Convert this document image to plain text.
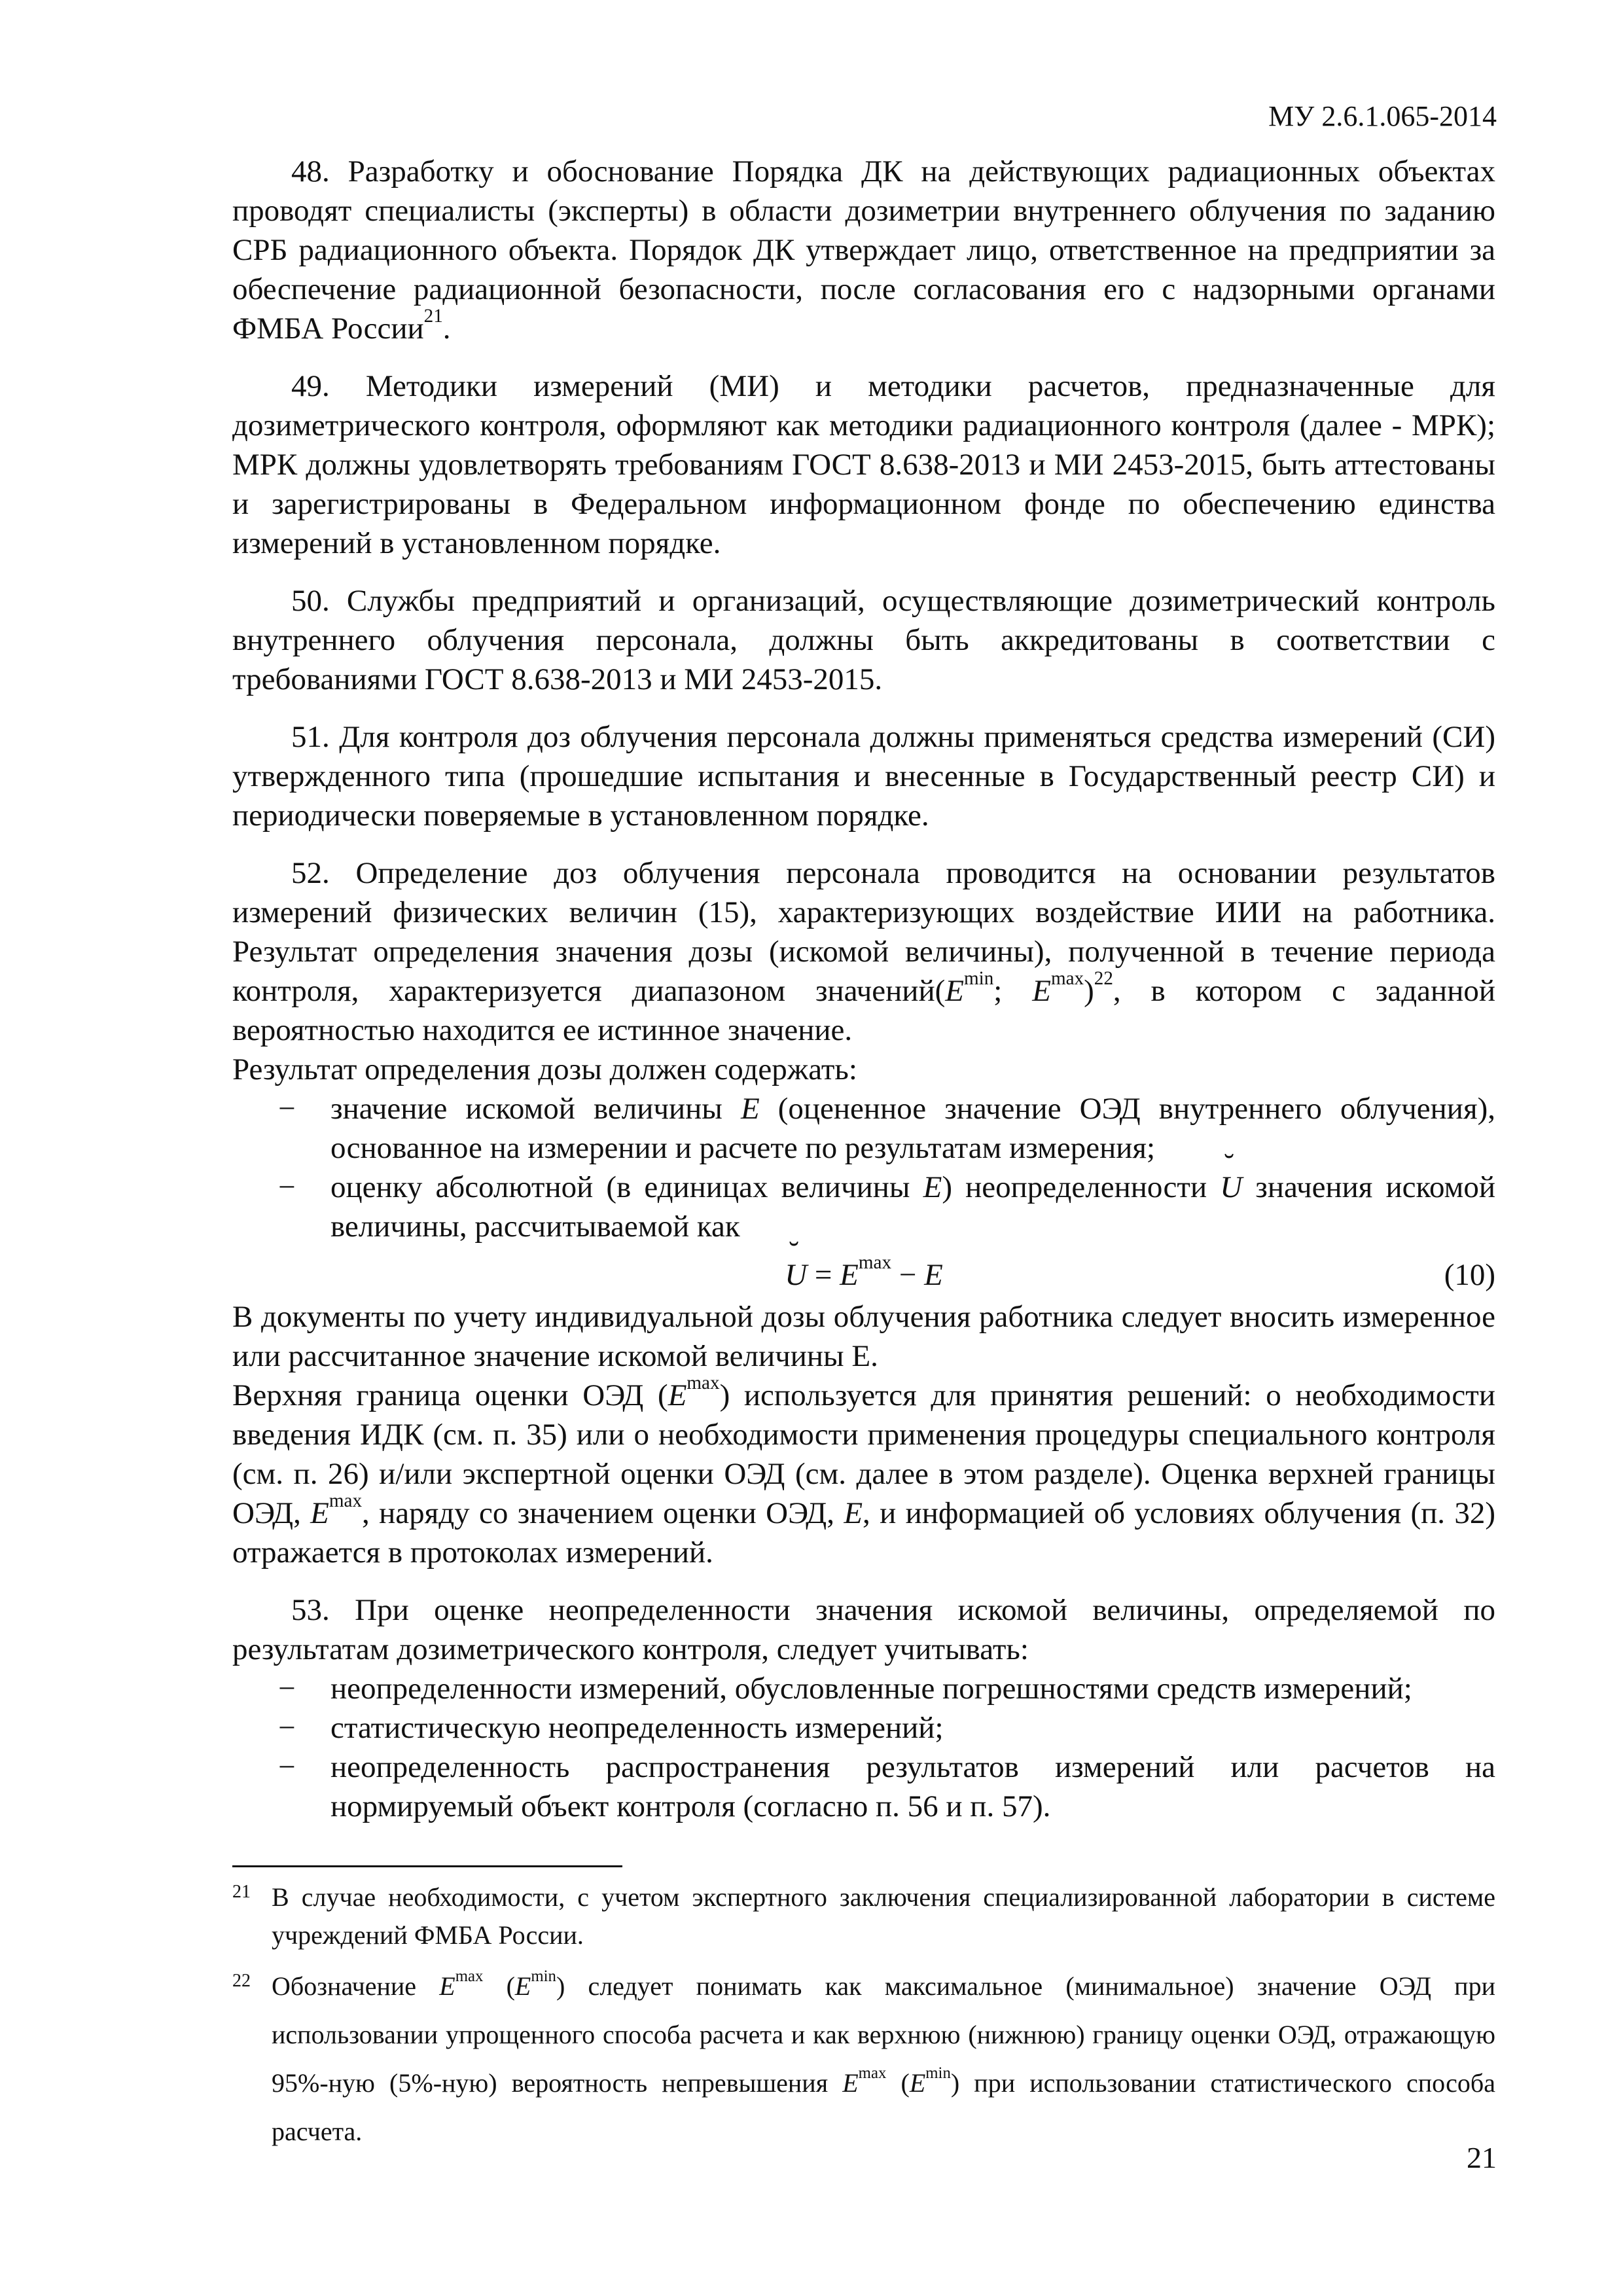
МУ 2.6.1.065-2014

48. Разработку и обоснование Порядка ДК на действующих радиационных объектах проводят специалисты (эксперты) в области дозиметрии внутреннего облучения по заданию СРБ радиационного объекта. Порядок ДК утверждает лицо, ответственное на предприятии за обеспечение радиационной безопасности, после согласования его с надзорными органами ФМБА России$^{21}$.

49. Методики измерений (МИ) и методики расчетов, предназначенные для дозиметрического контроля, оформляют как методики радиационного контроля (далее - МРК); МРК должны удовлетворять требованиям ГОСТ 8.638-2013 и МИ 2453-2015, быть аттестованы и зарегистрированы в Федеральном информационном фонде по обеспечению единства измерений в установленном порядке.

50. Службы предприятий и организаций, осуществляющие дозиметрический контроль внутреннего облучения персонала, должны быть аккредитованы в соответствии с требованиями ГОСТ 8.638-2013 и МИ 2453-2015.

51. Для контроля доз облучения персонала должны применяться средства измерений (СИ) утвержденного типа (прошедшие испытания и внесенные в Государственный реестр СИ) и периодически поверяемые в установленном порядке.

52. Определение доз облучения персонала проводится на основании результатов измерений физических величин (15), характеризующих воздействие ИИИ на работника. Результат определения значения дозы (искомой величины), полученной в течение периода контроля, характеризуется диапазоном $значений(E^{min}$; $E^{max})^{22}$, в котором с заданной вероятностью находится ее истинное значение.

Результат определения дозы должен содержать:

− значение искомой величины E (оцененное значение ОЭД внутреннего облучения), основанное на измерении и расчете по результатам измерения;

− оценку абсолютной (в единицах величины E) неопределенности ˘ U значения искомой величины, рассчитываемой как

˘ $U = E^{max} - E$	(10)

В документы по учету индивидуальной дозы облучения работника следует вносить измеренное или рассчитанное значение искомой величины Е.

Верхняя граница оценки ОЭД $(E^{max})$ используется для принятия решений: о необходимости введения ИДК (см. п. 35) или о необходимости применения процедуры специального контроля (см. п. 26) и/или экспертной оценки ОЭД (см. далее в этом разделе). Оценка верхней границы ОЭД, $E^{max}$, наряду со значением оценки ОЭД, E, и информацией об условиях облучения (п. 32) отражается в протоколах измерений.

53. При оценке неопределенности значения искомой величины, определяемой по результатам дозиметрического контроля, следует учитывать:

− неопределенности измерений, обусловленные погрешностями средств измерений;

− статистическую неопределенность измерений;

− неопределенность распространения результатов измерений или расчетов на нормируемый объект контроля (согласно п. 56 и п. 57).

21 В случае необходимости, с учетом экспертного заключения специализированной лаборатории в системе учреждений ФМБА России.

22 Обозначение $E^{max}$ $(E^{min})$ следует понимать как максимальное (минимальное) значение ОЭД при использовании упрощенного способа расчета и как верхнюю (нижнюю) границу оценки ОЭД, отражающую 95%-ную (5%-ную) вероятность непревышения $E^{max}$ $(E^{min})$ при использовании статистического способа расчета.

21
